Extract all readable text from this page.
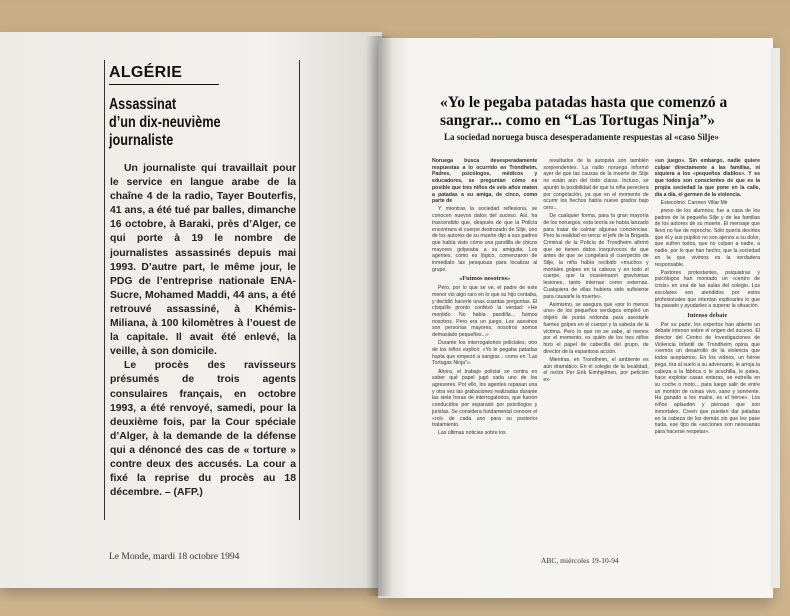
ALGÉRIE
Assassinat
d’un dix-neuvième
journaliste

Un journaliste qui travaillait pour le service en langue arabe de la chaîne 4 de la radio, Tayer Bouterfis, 41 ans, a été tué par balles, dimanche 16 octobre, à Baraki, près d’Alger, ce qui porte à 19 le nombre de journalistes assassinés depuis mai 1993. D’autre part, le même jour, le PDG de l’entreprise nationale ENA-Sucre, Mohamed Maddi, 44 ans, a été retrouvé assassiné, à Khémis-Miliana, à 100 kilomètres à l’ouest de la capitale. Il avait été enlevé, la veille, à son domicile.

Le procès des ravisseurs présumés de trois agents consulaires français, en octobre 1993, a été renvoyé, samedi, pour la deuxième fois, par la Cour spéciale d’Alger, à la demande de la défense qui a dénoncé des cas de « torture » contre deux des accusés. La cour a fixé la reprise du procès au 18 décembre. – (AFP.)

Le Monde, mardi 18 octobre 1994
«Yo le pegaba patadas hasta que comenzó a sangrar... como en “Las Tortugas Ninja”»
La sociedad noruega busca desesperadamente respuestas al «caso Silje»

Noruega busca desesperadamente respuestas a lo ocurrido en Trondheim. Padres, psicólogos, médicos y educadores, se preguntan cómo es posible que tres niños de seis años maten a patadas a su amiga, de cinco, como parte de

Y mientras la sociedad reflexiona, se conocen nuevos datos del suceso. Así, ha trascendido que, después de que la Policía encontrara el cuerpo destrozado de Silje, uno de los autores de su muerte dijo a sus padres que había visto cómo una pandilla de chicos mayores golpeaba a su amiguita. Los agentes, como es lógico, comenzaron de inmediato las pesquisas para localizar al grupo.

«Fuimos nosotros»

Pero, por lo que se ve, el padre de este menor vio algo raro en lo que su hijo contaba, y decidió hacerle unas cuantas preguntas. El chiquillo pronto confesó la verdad: «He mentido. No había pandilla... fuimos nosotros. Pero era un juego. Los asesinos son personas mayores, nosotros somos demasiado pequeños...»

Durante los interrogatorios policiales, otro de los niños explicó: «Yo le pegaba patadas hasta que empezó a sangrar... como en “Las Tortugas Ninja”».

Ahora, el trabajo policial se centra en saber qué papel jugó cada uno de los agresores. Por ello, los agentes repasan una y otra vez las grabaciones realizadas durante las siete horas de interrogatorios, que fueron conducidos por separado por psicólogos y juristas. Se considera fundamental conocer el «rol» de cada uno para su posterior tratamiento.

Las últimas noticias sobre los

resultados de la autopsia son también sorprendentes. La radio noruega informó ayer de que las causas de la muerte de Silje no están aún del todo claras. Incluso, se apuntó la posibilidad de que la niña pereciera por congelación, ya que en el momento de ocurrir los hechos había nueve grados bajo cero...

De cualquier forma, para la gran mayoría de los noruegos, esta teoría se había lanzado para tratar de calmar algunas conciencias. Pero la realidad es terca: el jefe de la Brigada Criminal de la Policía de Trondheim afirmó que se tienen datos inequívocos de que antes de que se congelara el cuerpecito de Silje, la niña había recibido «muchos y mortales golpes en la cabeza y en todo el cuerpo, que la ocasionaron gravísimas lesiones, tanto internas como externas. Cualquiera de ellas hubiera sido suficiente para causarle la muerte».

Asimismo, se asegura que «por lo menos uno» de los pequeños verdugos empleó un objeto de punta redonda para asestarle fuertes golpes en el cuerpo y la cabeza de la víctima. Pero lo que no se sabe, al menos por el momento, es quién de los tres niños hizo el papel de cabecilla del grupo, de director de la espantosa acción.

Mientras, en Trondheim, el ambiente es aún dramático. En el colegio de la localidad, el rector Per Erik Eimhjelmen, por petición ex-

«un juego». Sin embargo, nadie quiere culpar directamente a las familias, ni siquiera a los «pequeños diablos». Y es que todos son conscientes de que es la propia sociedad la que pone en la calle, día a día, el germen de la violencia.

Estocolmo. Carmen Villar Mir

preso de los alumnos, fue a casa de los padres de la pequeña Silje y de las familias de los autores de su muerte. El mensaje que llevó no fue de reproche. Sólo quería decirles que él y sus pupilos no son ajenos a su dolor, que sufren todos, que no culpan a nadie, a nadie, por lo que han hecho, que la sociedad en la que vivimos es la verdadera responsable.

Pastores protestantes, psiquiatras y psicólogos han montado un «centro de crisis» en una de las aulas del colegio. Los escolares son atendidos por estos profesionales que intentan explicarles lo que ha pasado y ayudarles a superar la situación.

Intenso debate

Por su parte, los expertos han abierto un debate intenso sobre el origen del suceso. El director del Centro de Investigaciones de Violencia Infantil de Trondheim opina que «vemos un desarrollo de la violencia que todos aceptamos. En los vídeos, un héroe pega, tira al suelo a su adversario, le arroja la cabeza a la fábrica o le acuchilla, le patea, hace explotar casas enteras, se estrella en su coche o moto... para luego salir de entre un montón de ruinas vivo, sano y sonriente. Ha ganado a los malos, es el héroe». Los niños aplauden y piensan que son inmortales. Creen que pueden dar patadas en la cabeza de los demás sin que les pase nada, ese tipo de «acciones son necesarias para hacerse respetar».

ABC, miércoles 19-10-94
